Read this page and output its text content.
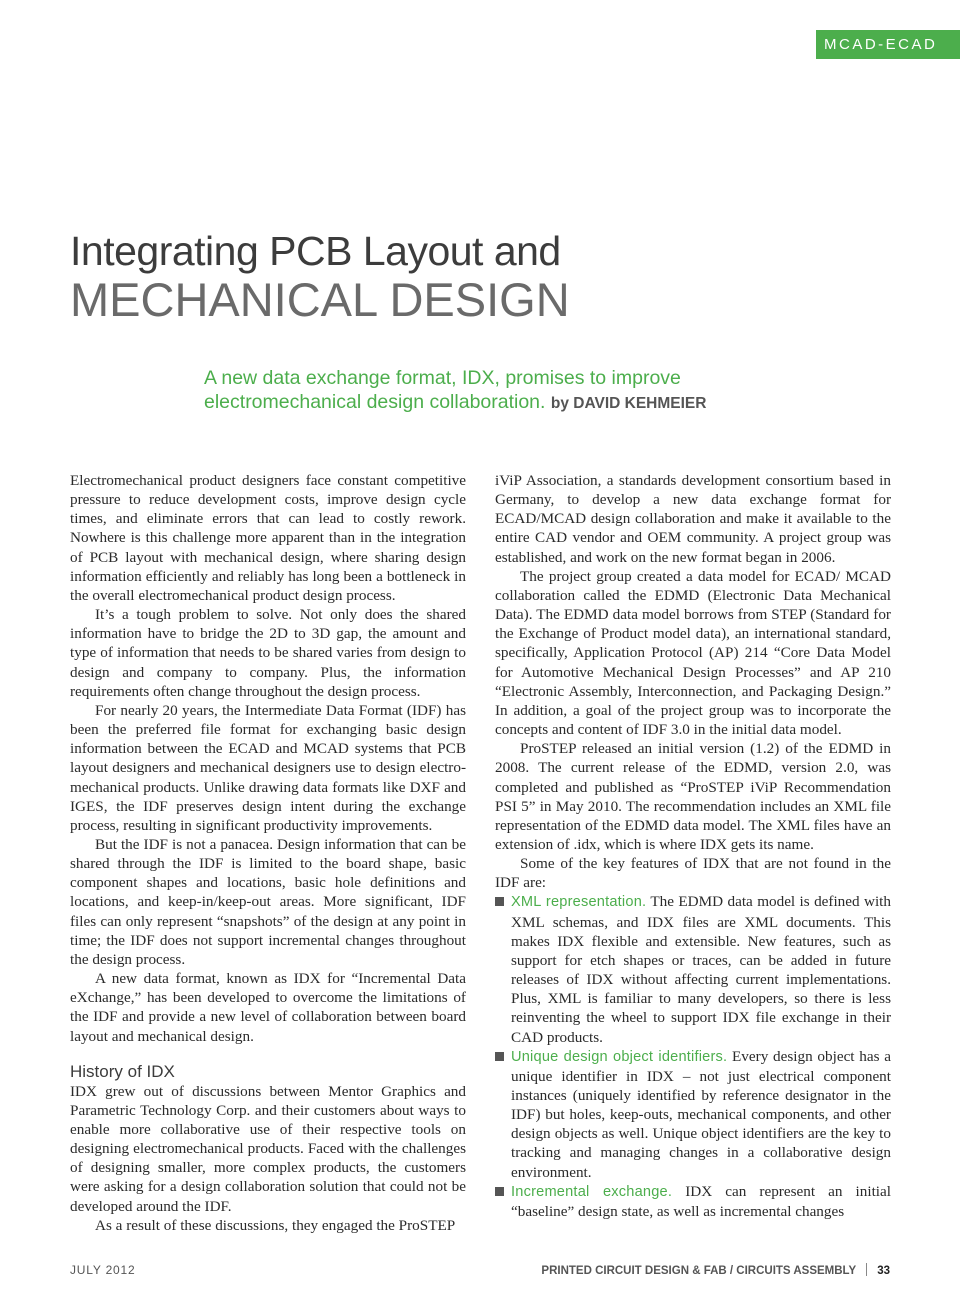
MCAD-ECAD
Integrating PCB Layout and
MECHANICAL DESIGN
A new data exchange format, IDX, promises to improve electromechanical design collaboration. by DAVID KEHMEIER

Electromechanical product designers face constant competitive pressure to reduce development costs, improve design cycle times, and eliminate errors that can lead to costly rework. Nowhere is this challenge more apparent than in the integration of PCB layout with mechanical design, where sharing design information efficiently and reliably has long been a bottleneck in the overall electromechanical product design process.

It’s a tough problem to solve. Not only does the shared information have to bridge the 2D to 3D gap, the amount and type of information that needs to be shared varies from design to design and company to company. Plus, the information requirements often change throughout the design process.

For nearly 20 years, the Intermediate Data Format (IDF) has been the preferred file format for exchanging basic design information between the ECAD and MCAD systems that PCB layout designers and mechanical designers use to design electromechanical products. Unlike drawing data formats like DXF and IGES, the IDF preserves design intent during the exchange process, resulting in significant productivity improvements.

But the IDF is not a panacea. Design information that can be shared through the IDF is limited to the board shape, basic component shapes and locations, basic hole definitions and locations, and keep-in/keep-out areas. More significant, IDF files can only represent “snapshots” of the design at any point in time; the IDF does not support incremental changes throughout the design process.

A new data format, known as IDX for “Incremental Data eXchange,” has been developed to overcome the limitations of the IDF and provide a new level of collaboration between board layout and mechanical design.

History of IDX

IDX grew out of discussions between Mentor Graphics and Parametric Technology Corp. and their customers about ways to enable more collaborative use of their respective tools on designing electromechanical products. Faced with the challenges of designing smaller, more complex products, the customers were asking for a design collaboration solution that could not be developed around the IDF.

As a result of these discussions, they engaged the ProSTEP

iViP Association, a standards development consortium based in Germany, to develop a new data exchange format for ECAD/MCAD design collaboration and make it available to the entire CAD vendor and OEM community. A project group was established, and work on the new format began in 2006.

The project group created a data model for ECAD/ MCAD collaboration called the EDMD (Electronic Data Mechanical Data). The EDMD data model borrows from STEP (Standard for the Exchange of Product model data), an international standard, specifically, Application Protocol (AP) 214 “Core Data Model for Automotive Mechanical Design Processes” and AP 210 “Electronic Assembly, Interconnection, and Packaging Design.” In addition, a goal of the project group was to incorporate the concepts and content of IDF 3.0 in the initial data model.

ProSTEP released an initial version (1.2) of the EDMD in 2008. The current release of the EDMD, version 2.0, was completed and published as “ProSTEP iViP Recommendation PSI 5” in May 2010. The recommendation includes an XML file representation of the EDMD data model. The XML files have an extension of .idx, which is where IDX gets its name.

Some of the key features of IDX that are not found in the IDF are:

XML representation. The EDMD data model is defined with XML schemas, and IDX files are XML documents. This makes IDX flexible and extensible. New features, such as support for etch shapes or traces, can be added in future releases of IDX without affecting current implementations. Plus, XML is familiar to many developers, so there is less reinventing the wheel to support IDX file exchange in their CAD products.

Unique design object identifiers. Every design object has a unique identifier in IDX – not just electrical component instances (uniquely identified by reference designator in the IDF) but holes, keep-outs, mechanical components, and other design objects as well. Unique object identifiers are the key to tracking and managing changes in a collaborative design environment.

Incremental exchange. IDX can represent an initial “baseline” design state, as well as incremental changes

JULY 2012	PRINTED CIRCUIT DESIGN & FAB / CIRCUITS ASSEMBLY 33
